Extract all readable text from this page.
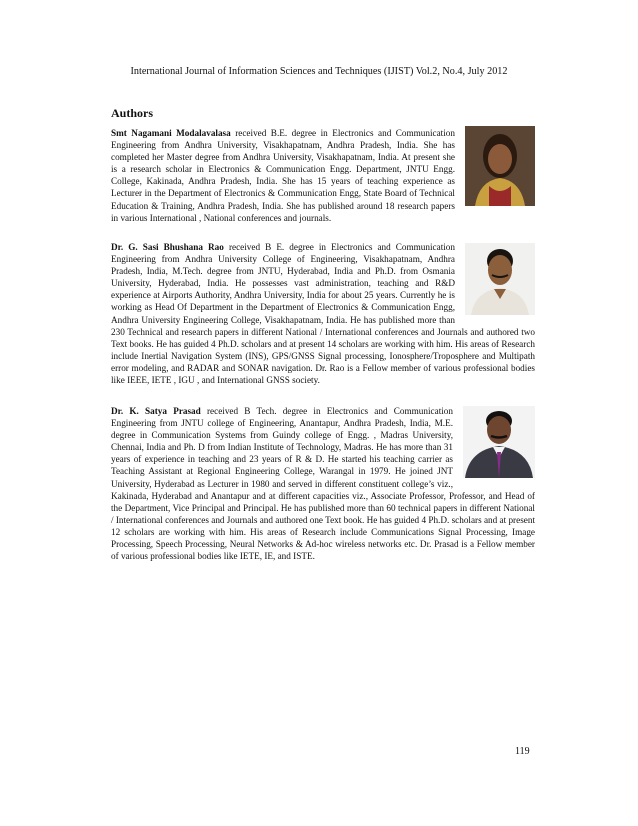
International Journal of Information Sciences and Techniques (IJIST) Vol.2, No.4, July 2012
Authors
Smt Nagamani Modalavalasa received B.E. degree in Electronics and Communication Engineering from Andhra University, Visakhapatnam, Andhra Pradesh, India. She has completed her Master degree from Andhra University, Visakhapatnam, India. At present she is a research scholar in Electronics & Communication Engg. Department, JNTU Engg. College, Kakinada, Andhra Pradesh, India. She has 15 years of teaching experience as Lecturer in the Department of Electronics & Communication Engg, State Board of Technical Education & Training, Andhra Pradesh, India. She has published around 18 research papers in various International , National conferences and journals.
Dr. G. Sasi Bhushana Rao received B E. degree in Electronics and Communication Engineering from Andhra University College of Engineering, Visakhapatnam, Andhra Pradesh, India, M.Tech. degree from JNTU, Hyderabad, India and Ph.D. from Osmania University, Hyderabad, India. He possesses vast administration, teaching and R&D experience at Airports Authority, Andhra University, India for about 25 years. Currently he is working as Head Of Department in the Department of Electronics & Communication Engg, Andhra University Engineering College, Visakhapatnam, India. He has published more than 230 Technical and research papers in different National / International conferences and Journals and authored two Text books. He has guided 4 Ph.D. scholars and at present 14 scholars are working with him. His areas of Research include Inertial Navigation System (INS), GPS/GNSS Signal processing, Ionosphere/Troposphere and Multipath error modeling, and RADAR and SONAR navigation. Dr. Rao is a Fellow member of various professional bodies like IEEE, IETE , IGU , and International GNSS society.
Dr. K. Satya Prasad received B Tech. degree in Electronics and Communication Engineering from JNTU college of Engineering, Anantapur, Andhra Pradesh, India, M.E. degree in Communication Systems from Guindy college of Engg. , Madras University, Chennai, India and Ph. D from Indian Institute of Technology, Madras. He has more than 31 years of experience in teaching and 23 years of R & D. He started his teaching carrier as Teaching Assistant at Regional Engineering College, Warangal in 1979. He joined JNT University, Hyderabad as Lecturer in 1980 and served in different constituent college’s viz., Kakinada, Hyderabad and Anantapur and at different capacities viz., Associate Professor, Professor, and Head of the Department, Vice Principal and Principal. He has published more than 60 technical papers in different National / International conferences and Journals and authored one Text book. He has guided 4 Ph.D. scholars and at present 12 scholars are working with him. His areas of Research include Communications Signal Processing, Image Processing, Speech Processing, Neural Networks & Ad-hoc wireless networks etc. Dr. Prasad is a Fellow member of various professional bodies like IETE, IE, and ISTE.
119
